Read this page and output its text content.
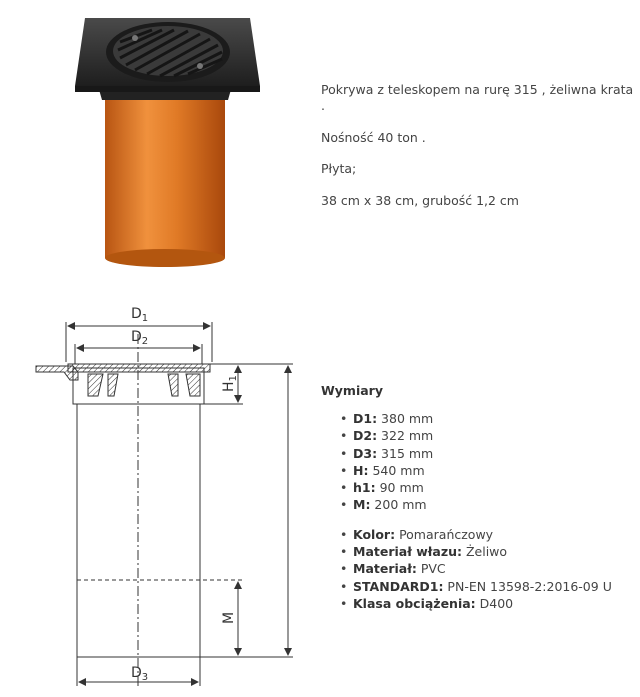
Pokrywa z teleskopem na rurę 315 , żeliwna krata .

Nośność 40 ton .

Płyta;

38 cm x 38 cm, grubość 1,2 cm

$D_1$
$D_2$
$D_3$
$H_1$
M
Wymiary
• D1: 380 mm
• D2: 322 mm
• D3: 315 mm
• H: 540 mm
• h1: 90 mm
• M: 200 mm
• Kolor: Pomarańczowy
• Materiał włazu: Żeliwo
• Materiał: PVC
• STANDARD1: PN-EN 13598-2:2016-09 U
• Klasa obciążenia: D400
